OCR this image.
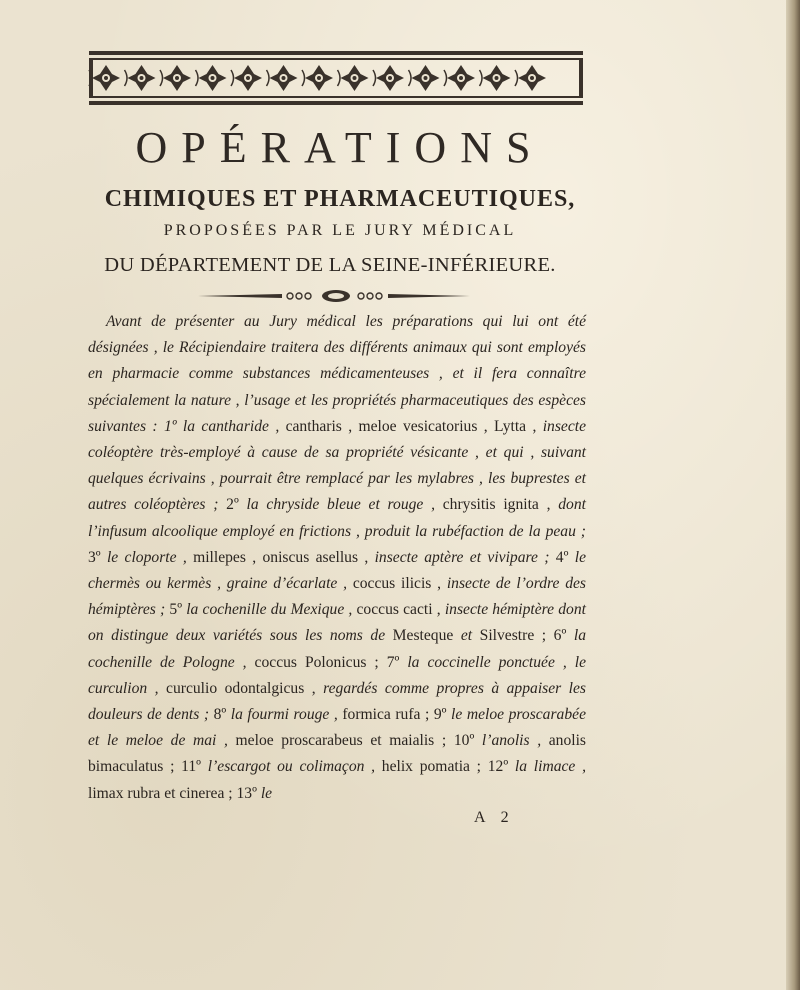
OPÉRATIONS
CHIMIQUES ET PHARMACEUTIQUES,
PROPOSÉES PAR LE JURY MÉDICAL
DU DÉPARTEMENT DE LA SEINE-INFÉRIEURE.

Avant de présenter au Jury médical les préparations qui lui ont été désignées , le Récipiendaire traitera des différents animaux qui sont employés en pharmacie comme substances médicamenteuses , et il fera connaître spécialement la nature , l’usage et les propriétés pharmaceutiques des espèces suivantes : 1º la cantharide , cantharis , meloe vesicatorius , Lytta , insecte coléoptère très-employé à cause de sa propriété vésicante , et qui , suivant quelques écrivains , pourrait être remplacé par les mylabres , les buprestes et autres coléoptères ; 2º la chryside bleue et rouge , chrysitis ignita , dont l’infusum alcoolique employé en frictions , produit la rubéfaction de la peau ; 3º le cloporte , millepes , oniscus asellus , insecte aptère et vivipare ; 4º le chermès ou kermès , graine d’écarlate , coccus ilicis , insecte de l’ordre des hémiptères ; 5º la cochenille du Mexique , coccus cacti , insecte hémiptère dont on distingue deux variétés sous les noms de Mesteque et Silvestre ; 6º la cochenille de Pologne , coccus Polonicus ; 7º la coccinelle ponctuée , le curculion , curculio odontalgicus , regardés comme propres à appaiser les douleurs de dents ; 8º la fourmi rouge , formica rufa ; 9º le meloe proscarabée et le meloe de mai , meloe proscarabeus et maialis ; 10º l’anolis , anolis bimaculatus ; 11º l’escargot ou colimaçon , helix pomatia ; 12º la limace , limax rubra et cinerea ; 13º le

A 2
